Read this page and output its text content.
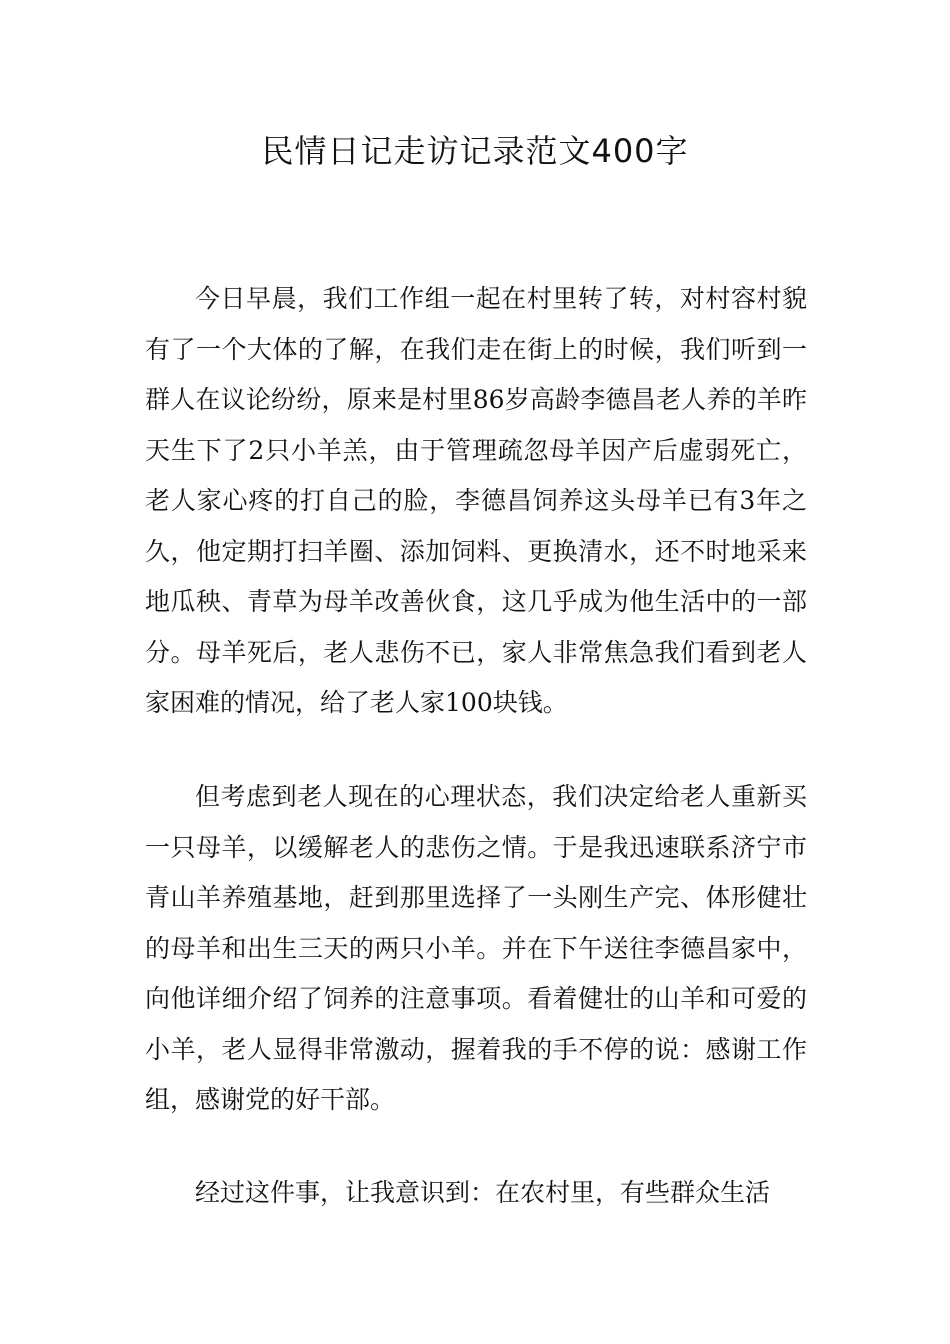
民情日记走访记录范文400字

今日早晨，我们工作组一起在村里转了转，对村容村貌有了一个大体的了解，在我们走在街上的时候，我们听到一群人在议论纷纷，原来是村里86岁高龄李德昌老人养的羊昨天生下了2只小羊羔，由于管理疏忽母羊因产后虚弱死亡，老人家心疼的打自己的脸，李德昌饲养这头母羊已有3年之久，他定期打扫羊圈、添加饲料、更换清水，还不时地采来地瓜秧、青草为母羊改善伙食，这几乎成为他生活中的一部分。母羊死后，老人悲伤不已，家人非常焦急我们看到老人家困难的情况，给了老人家100块钱。

但考虑到老人现在的心理状态，我们决定给老人重新买一只母羊，以缓解老人的悲伤之情。于是我迅速联系济宁市青山羊养殖基地，赶到那里选择了一头刚生产完、体形健壮的母羊和出生三天的两只小羊。并在下午送往李德昌家中，向他详细介绍了饲养的注意事项。看着健壮的山羊和可爱的小羊，老人显得非常激动，握着我的手不停的说：感谢工作组，感谢党的好干部。

经过这件事，让我意识到：在农村里，有些群众生活
